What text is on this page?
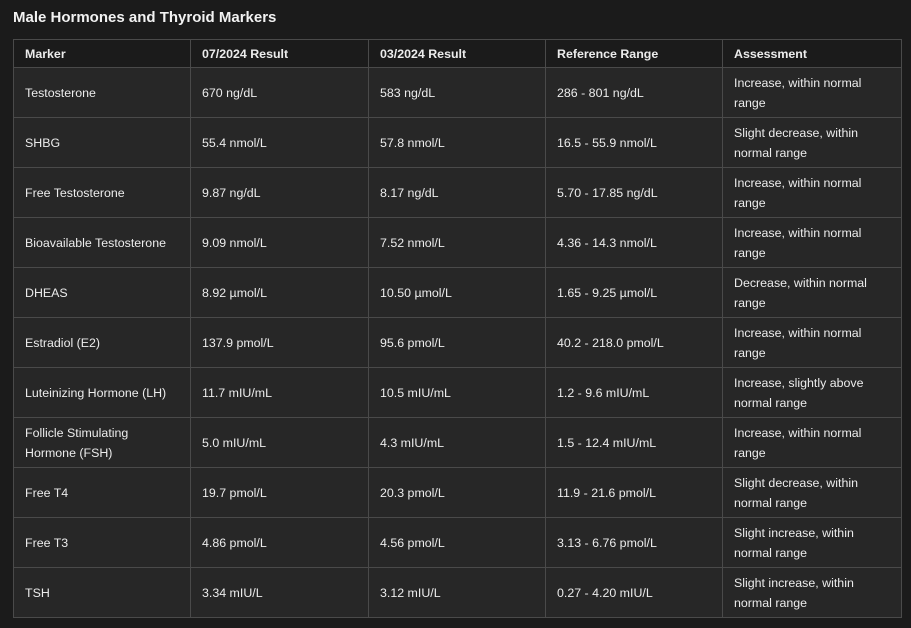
Male Hormones and Thyroid Markers
Marker	07/2024 Result	03/2024 Result	Reference Range	Assessment
Testosterone	670 ng/dL	583 ng/dL	286 - 801 ng/dL	Increase, within normal range
SHBG	55.4 nmol/L	57.8 nmol/L	16.5 - 55.9 nmol/L	Slight decrease, within normal range
Free Testosterone	9.87 ng/dL	8.17 ng/dL	5.70 - 17.85 ng/dL	Increase, within normal range
Bioavailable Testosterone	9.09 nmol/L	7.52 nmol/L	4.36 - 14.3 nmol/L	Increase, within normal range
DHEAS	8.92 µmol/L	10.50 µmol/L	1.65 - 9.25 µmol/L	Decrease, within normal range
Estradiol (E2)	137.9 pmol/L	95.6 pmol/L	40.2 - 218.0 pmol/L	Increase, within normal range
Luteinizing Hormone (LH)	11.7 mIU/mL	10.5 mIU/mL	1.2 - 9.6 mIU/mL	Increase, slightly above normal range
Follicle Stimulating Hormone (FSH)	5.0 mIU/mL	4.3 mIU/mL	1.5 - 12.4 mIU/mL	Increase, within normal range
Free T4	19.7 pmol/L	20.3 pmol/L	11.9 - 21.6 pmol/L	Slight decrease, within normal range
Free T3	4.86 pmol/L	4.56 pmol/L	3.13 - 6.76 pmol/L	Slight increase, within normal range
TSH	3.34 mIU/L	3.12 mIU/L	0.27 - 4.20 mIU/L	Slight increase, within normal range
